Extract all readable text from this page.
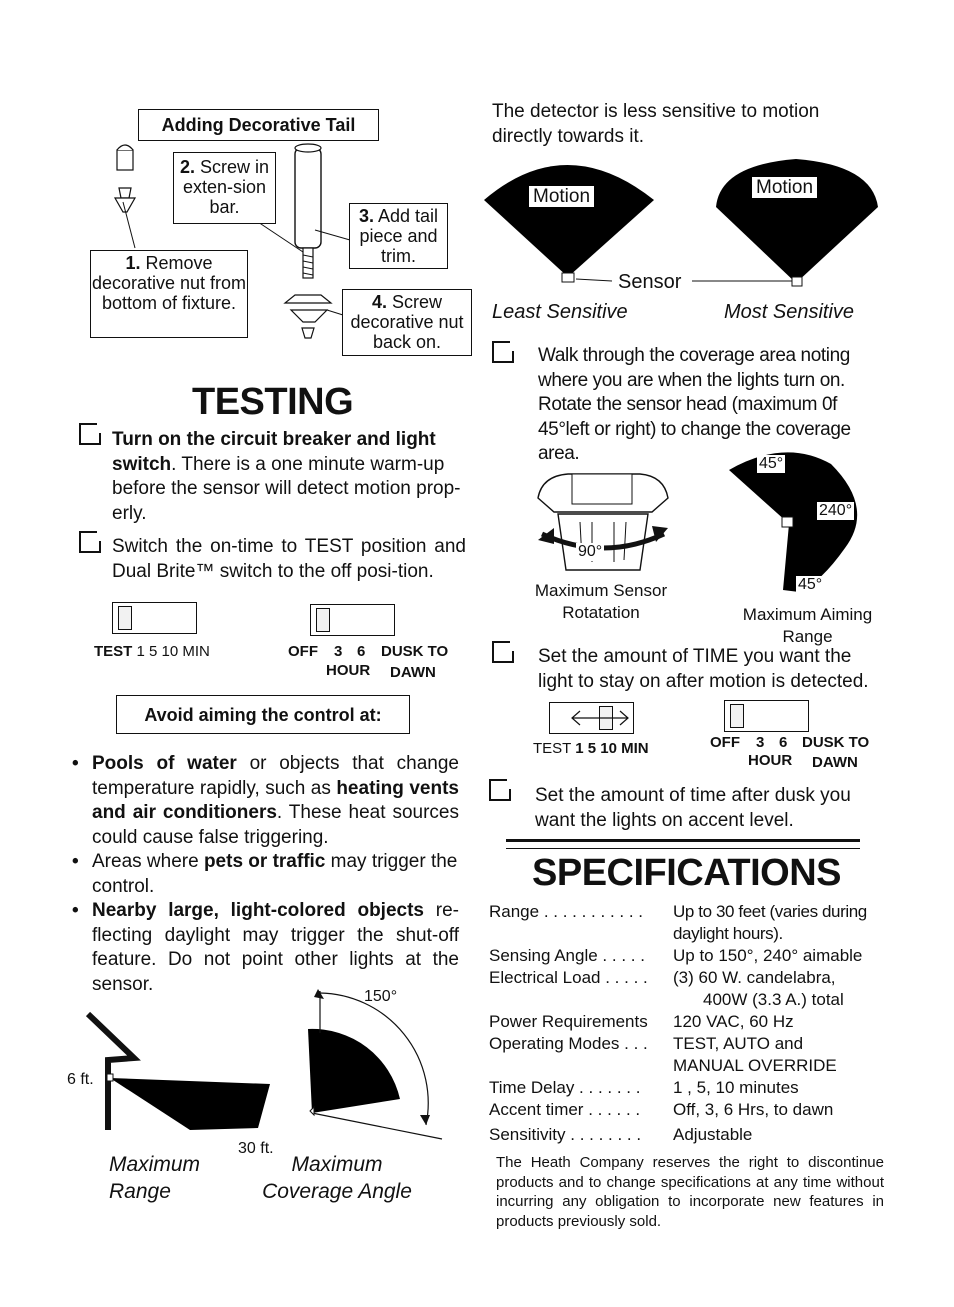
Adding Decorative Tail
2. Screw in exten-sion bar.	3. Add tail piece and trim.
1. Remove decorative nut from bottom of fixture.	4. Screw decorative nut back on.
TESTING
Turn on the circuit breaker and light switch. There is a one minute warm-up before the sensor will detect motion prop-erly.
Switch the on-time to TEST position and Dual Brite™ switch to the off posi-tion.
TEST 1 5 10 MIN	OFF 3 6 DUSK TO
HOUR DAWN
Avoid aiming the control at:
• Pools of water or objects that change temperature rapidly, such as heating vents and air conditioners. These heat sources could cause false triggering.
• Areas where pets or traffic may trigger the control.
• Nearby large, light-colored objects re-flecting daylight may trigger the shut-off feature. Do not point other lights at the sensor.
6 ft.
30 ft.
150°
Maximum
Range
Maximum
Coverage Angle
The detector is less sensitive to motion directly towards it.
Motion	Motion
Sensor
Least Sensitive	Most Sensitive
Walk through the coverage area noting where you are when the lights turn on. Rotate the sensor head (maximum 0f 45°left or right) to change the coverage area.
90°
Maximum Sensor
Rotatation
45°
240°
45°
Maximum Aiming
Range
Set the amount of TIME you want the light to stay on after motion is detected.
TEST 1 5 10 MIN	OFF 3 6 DUSK TO
HOUR DAWN
Set the amount of time after dusk you want the lights on accent level.
SPECIFICATIONS
Range . . . . . . . . . . .	Up to 30 feet (varies during daylight hours).
Sensing Angle . . . . .	Up to 150°, 240° aimable
Electrical Load . . . . .	(3) 60 W. candelabra,
400W (3.3 A.) total
Power Requirements	120 VAC, 60 Hz
Operating Modes . . .	TEST, AUTO and MANUAL OVERRIDE
Time Delay . . . . . . .	1 , 5, 10 minutes
Accent timer . . . . . .	Off, 3, 6 Hrs, to dawn
Sensitivity . . . . . . . .	Adjustable
The Heath Company reserves the right to discontinue products and to change specifications at any time without incurring any obligation to incorporate new features in products previously sold.
